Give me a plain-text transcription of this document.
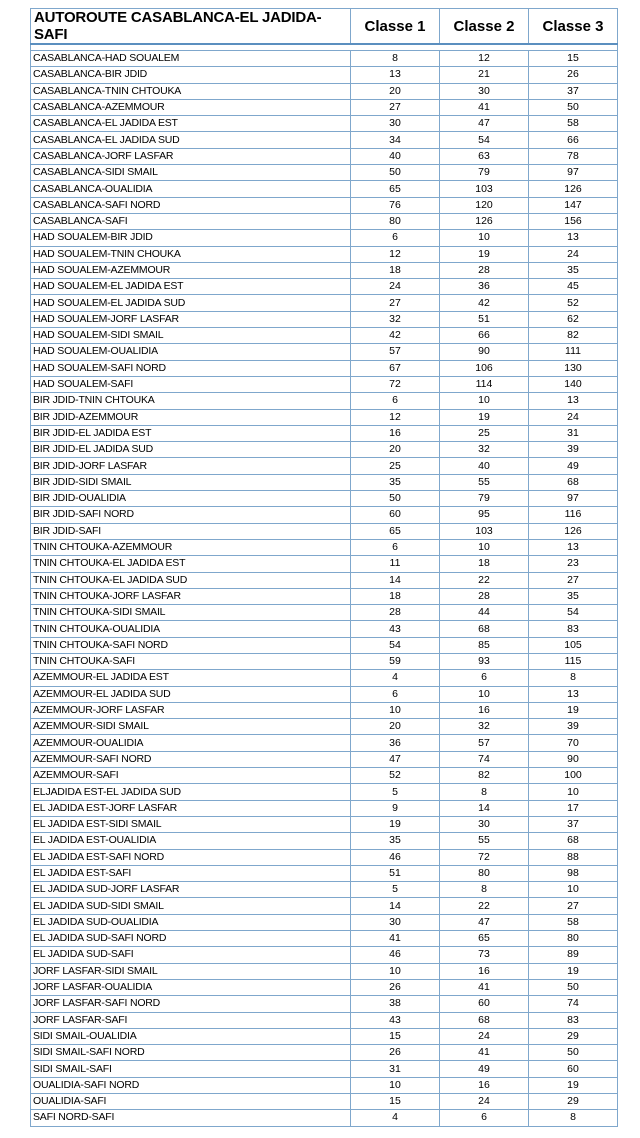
AUTOROUTE CASABLANCA-EL JADIDA-SAFI	Classe 1	Classe 2	Classe 3

CASABLANCA-HAD SOUALEM	8	12	15
CASABLANCA-BIR JDID	13	21	26
CASABLANCA-TNIN CHTOUKA	20	30	37
CASABLANCA-AZEMMOUR	27	41	50
CASABLANCA-EL JADIDA EST	30	47	58
CASABLANCA-EL JADIDA SUD	34	54	66
CASABLANCA-JORF LASFAR	40	63	78
CASABLANCA-SIDI SMAIL	50	79	97
CASABLANCA-OUALIDIA	65	103	126
CASABLANCA-SAFI NORD	76	120	147
CASABLANCA-SAFI	80	126	156
HAD SOUALEM-BIR JDID	6	10	13
HAD SOUALEM-TNIN CHOUKA	12	19	24
HAD SOUALEM-AZEMMOUR	18	28	35
HAD SOUALEM-EL JADIDA EST	24	36	45
HAD SOUALEM-EL JADIDA SUD	27	42	52
HAD SOUALEM-JORF LASFAR	32	51	62
HAD SOUALEM-SIDI SMAIL	42	66	82
HAD SOUALEM-OUALIDIA	57	90	111
HAD SOUALEM-SAFI NORD	67	106	130
HAD SOUALEM-SAFI	72	114	140
BIR JDID-TNIN CHTOUKA	6	10	13
BIR JDID-AZEMMOUR	12	19	24
BIR JDID-EL JADIDA EST	16	25	31
BIR JDID-EL JADIDA SUD	20	32	39
BIR JDID-JORF LASFAR	25	40	49
BIR JDID-SIDI SMAIL	35	55	68
BIR JDID-OUALIDIA	50	79	97
BIR JDID-SAFI NORD	60	95	116
BIR JDID-SAFI	65	103	126
TNIN CHTOUKA-AZEMMOUR	6	10	13
TNIN CHTOUKA-EL JADIDA EST	11	18	23
TNIN CHTOUKA-EL JADIDA SUD	14	22	27
TNIN CHTOUKA-JORF LASFAR	18	28	35
TNIN CHTOUKA-SIDI SMAIL	28	44	54
TNIN CHTOUKA-OUALIDIA	43	68	83
TNIN CHTOUKA-SAFI NORD	54	85	105
TNIN CHTOUKA-SAFI	59	93	115
AZEMMOUR-EL JADIDA EST	4	6	8
AZEMMOUR-EL JADIDA SUD	6	10	13
AZEMMOUR-JORF LASFAR	10	16	19
AZEMMOUR-SIDI SMAIL	20	32	39
AZEMMOUR-OUALIDIA	36	57	70
AZEMMOUR-SAFI NORD	47	74	90
AZEMMOUR-SAFI	52	82	100
ELJADIDA EST-EL JADIDA SUD	5	8	10
EL JADIDA EST-JORF LASFAR	9	14	17
EL JADIDA EST-SIDI SMAIL	19	30	37
EL JADIDA EST-OUALIDIA	35	55	68
EL JADIDA EST-SAFI NORD	46	72	88
EL JADIDA EST-SAFI	51	80	98
EL JADIDA SUD-JORF LASFAR	5	8	10
EL JADIDA SUD-SIDI SMAIL	14	22	27
EL JADIDA SUD-OUALIDIA	30	47	58
EL JADIDA SUD-SAFI NORD	41	65	80
EL JADIDA SUD-SAFI	46	73	89
JORF LASFAR-SIDI SMAIL	10	16	19
JORF LASFAR-OUALIDIA	26	41	50
JORF LASFAR-SAFI NORD	38	60	74
JORF LASFAR-SAFI	43	68	83
SIDI SMAIL-OUALIDIA	15	24	29
SIDI SMAIL-SAFI NORD	26	41	50
SIDI SMAIL-SAFI	31	49	60
OUALIDIA-SAFI NORD	10	16	19
OUALIDIA-SAFI	15	24	29
SAFI NORD-SAFI	4	6	8
